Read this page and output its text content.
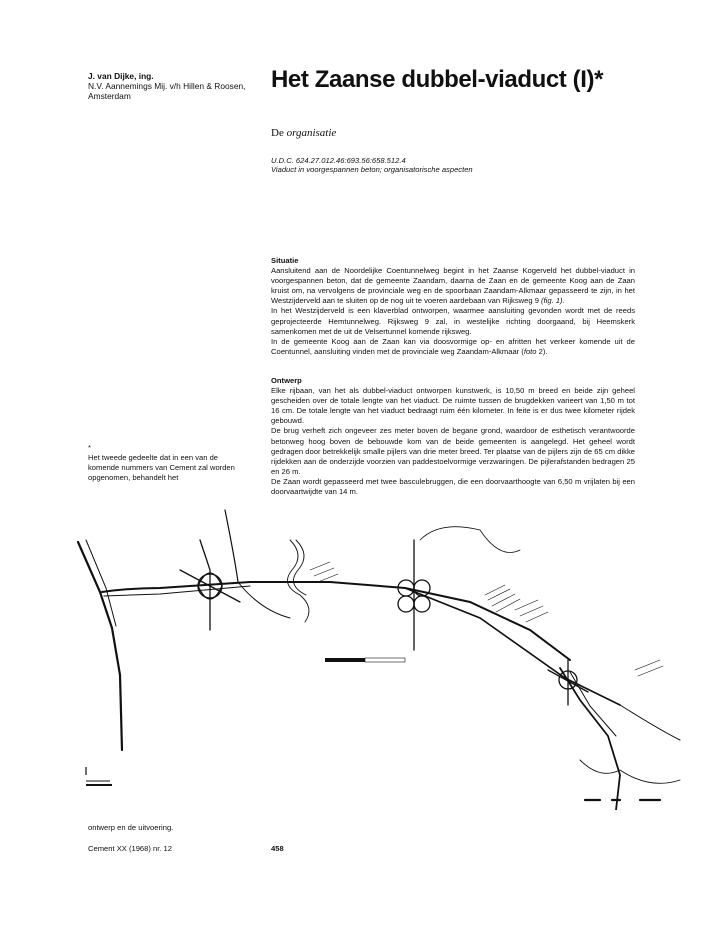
J. van Dijke, ing.
N.V. Aannemings Mij. v/h Hillen & Roosen,
Amsterdam
Het Zaanse dubbel-viaduct (I)*
De organisatie
U.D.C. 624.27.012.46:693.56:658.512.4
Viaduct in voorgespannen beton; organisatorische aspecten
Situatie

Aansluitend aan de Noordelijke Coentunnelweg begint in het Zaanse Kogerveld het dubbel-viaduct in voorgespannen beton, dat de gemeente Zaandam, daarna de Zaan en de gemeente Koog aan de Zaan kruist om, na vervolgens de provinciale weg en de spoorbaan Zaandam-Alkmaar gepasseerd te zijn, in het Westzijderveld aan te sluiten op de nog uit te voeren aardebaan van Rijksweg 9 (fig. 1).

In het Westzijderveld is een klaverblad ontworpen, waarmee aansluiting gevonden wordt met de reeds geprojecteerde Hemtunnelweg. Rijksweg 9 zal, in westelijke richting doorgaand, bij Heemskerk samenkomen met de uit de Velsertunnel komende rijksweg.

In de gemeente Koog aan de Zaan kan via doosvormige op- en afritten het verkeer komende uit de Coentunnel, aansluiting vinden met de provinciale weg Zaandam-Alkmaar (foto 2).

Ontwerp

Elke rijbaan, van het als dubbel-viaduct ontworpen kunstwerk, is 10,50 m breed en beide zijn geheel gescheiden over de totale lengte van het viaduct. De ruimte tussen de brugdekken varieert van 1,50 m tot 16 cm. De totale lengte van het viaduct bedraagt ruim één kilometer. In feite is er dus twee kilometer rijdek gebouwd.

De brug verheft zich ongeveer zes meter boven de begane grond, waardoor de esthetisch verantwoorde betonweg hoog boven de bebouwde kom van de beide gemeenten is aangelegd. Het geheel wordt gedragen door betrekkelijk smalle pijlers van drie meter breed. Ter plaatse van de pijlers zijn de 65 cm dikke rijdekken aan de onderzijde voorzien van paddestoelvormige verzwaringen. De pijlerafstanden bedragen 25 en 26 m.

De Zaan wordt gepasseerd met twee basculebruggen, die een doorvaarthoogte van 6,50 m vrijlaten bij een doorvaartwijdte van 14 m.

*
Het tweede gedeelte dat in een van de komende nummers van Cement zal worden opgenomen, behandelt het
ontwerp en de uitvoering.
Cement XX (1968) nr. 12	458
